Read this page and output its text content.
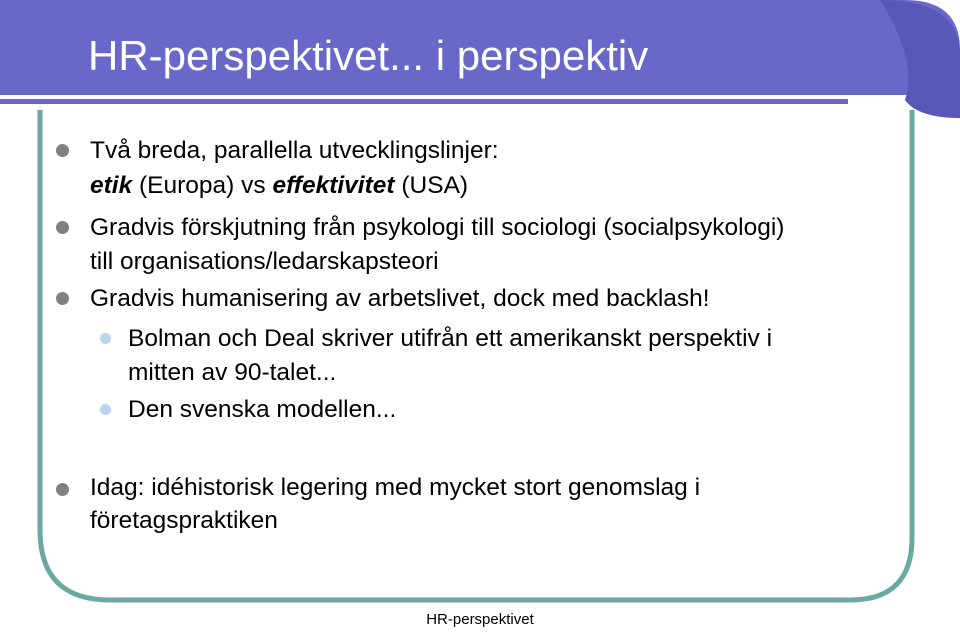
HR-perspektivet... i perspektiv
Två breda, parallella utvecklingslinjer:
etik (Europa) vs effektivitet (USA)
Gradvis förskjutning från psykologi till sociologi (socialpsykologi)
till organisations/ledarskapsteori
Gradvis humanisering av arbetslivet, dock med backlash!
Bolman och Deal skriver utifrån ett amerikanskt perspektiv i
mitten av 90-talet...
Den svenska modellen...
Idag: idéhistorisk legering med mycket stort genomslag i
företagspraktiken
HR-perspektivet
